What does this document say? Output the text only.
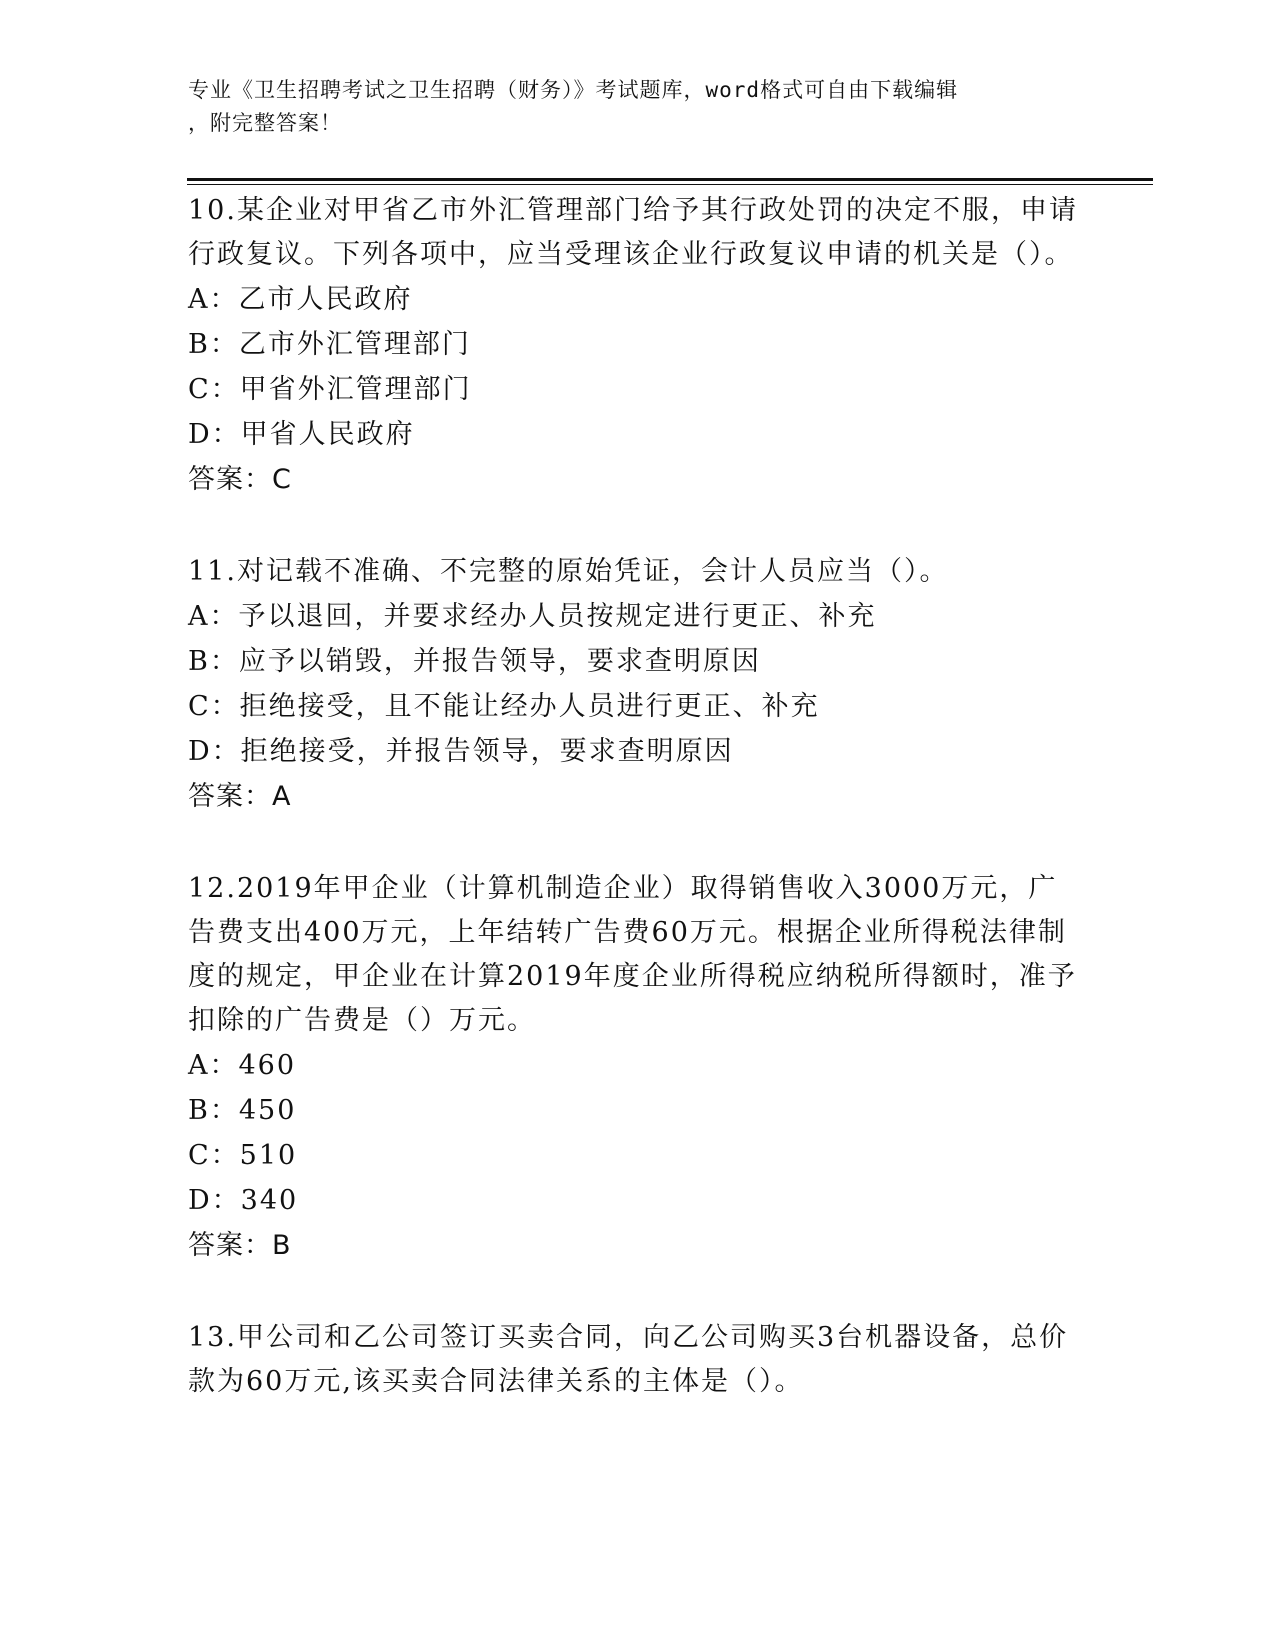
专业《卫生招聘考试之卫生招聘（财务）》考试题库，word格式可自由下载编辑
，附完整答案！

10.某企业对甲省乙市外汇管理部门给予其行政处罚的决定不服，申请行政复议。下列各项中，应当受理该企业行政复议申请的机关是（）。

A：乙市人民政府

B：乙市外汇管理部门

C：甲省外汇管理部门

D：甲省人民政府

答案：C

11.对记载不准确、不完整的原始凭证，会计人员应当（）。

A：予以退回，并要求经办人员按规定进行更正、补充

B：应予以销毁，并报告领导，要求查明原因

C：拒绝接受，且不能让经办人员进行更正、补充

D：拒绝接受，并报告领导，要求查明原因

答案：A

12.2019年甲企业（计算机制造企业）取得销售收入3000万元，广告费支出400万元，上年结转广告费60万元。根据企业所得税法律制度的规定，甲企业在计算2019年度企业所得税应纳税所得额时，准予扣除的广告费是（）万元。

A：460

B：450

C：510

D：340

答案：B

13.甲公司和乙公司签订买卖合同，向乙公司购买3台机器设备，总价款为60万元,该买卖合同法律关系的主体是（）。
